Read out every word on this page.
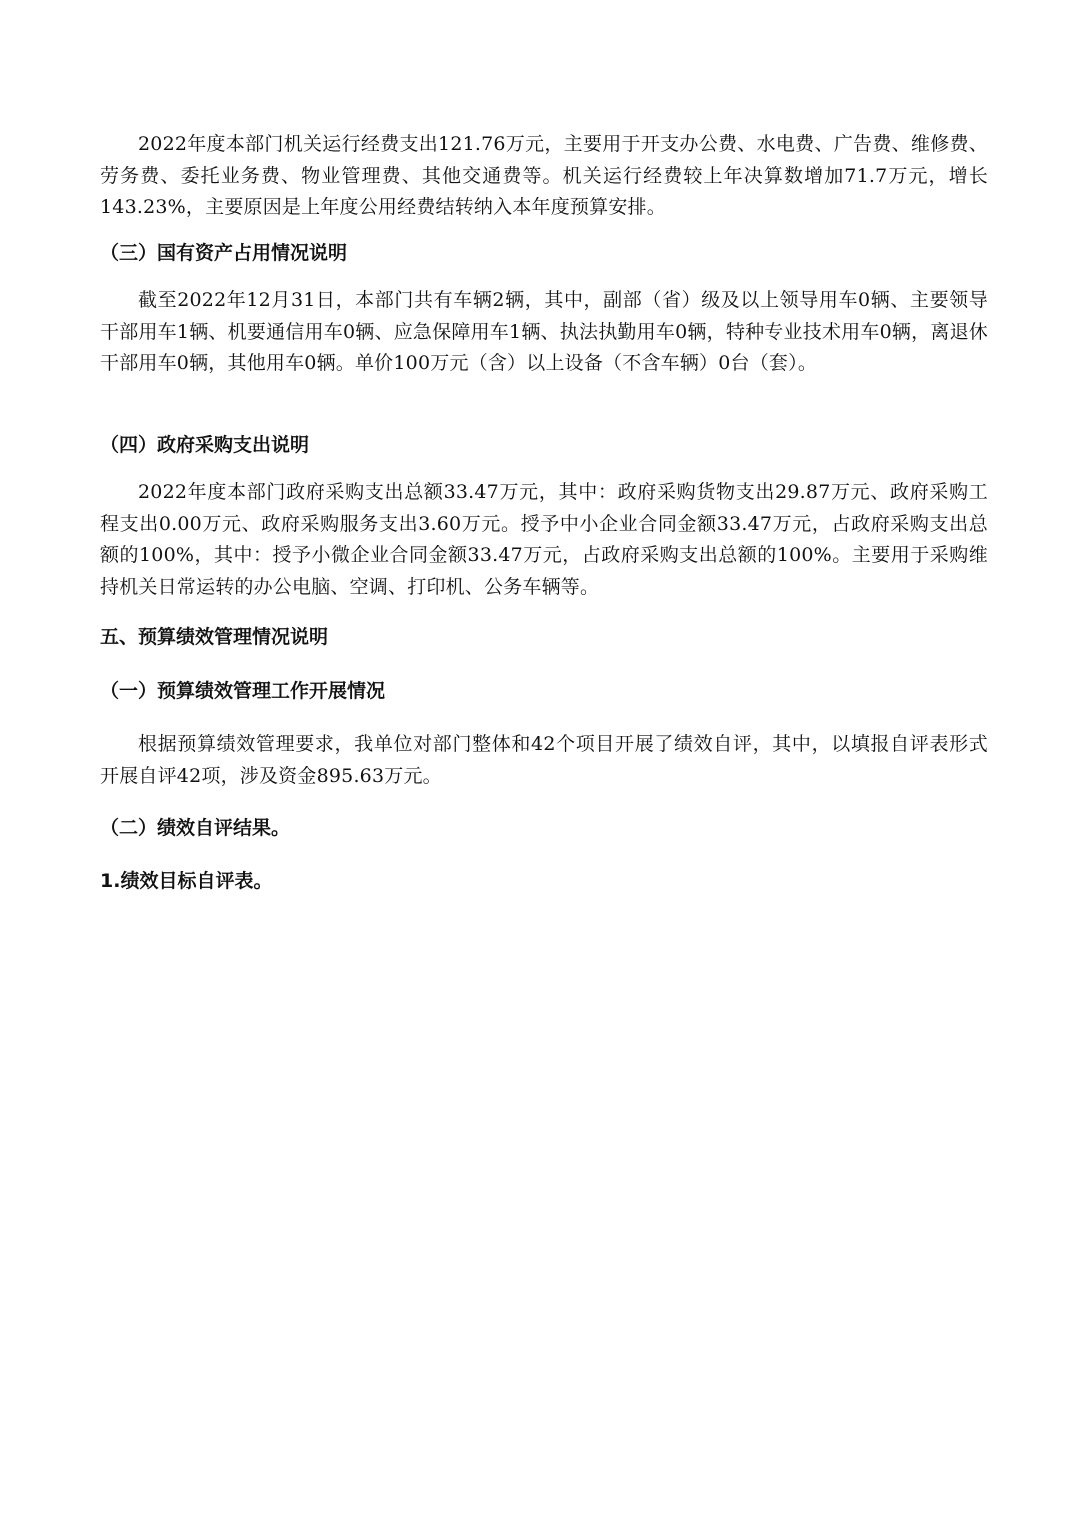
2022年度本部门机关运行经费支出121.76万元，主要用于开支办公费、水电费、广告费、维修费、劳务费、委托业务费、物业管理费、其他交通费等。机关运行经费较上年决算数增加71.7万元，增长143.23%，主要原因是上年度公用经费结转纳入本年度预算安排。

（三）国有资产占用情况说明

截至2022年12月31日，本部门共有车辆2辆，其中，副部（省）级及以上领导用车0辆、主要领导干部用车1辆、机要通信用车0辆、应急保障用车1辆、执法执勤用车0辆，特种专业技术用车0辆，离退休干部用车0辆，其他用车0辆。单价100万元（含）以上设备（不含车辆）0台（套）。

（四）政府采购支出说明

2022年度本部门政府采购支出总额33.47万元，其中：政府采购货物支出29.87万元、政府采购工程支出0.00万元、政府采购服务支出3.60万元。授予中小企业合同金额33.47万元，占政府采购支出总额的100%，其中：授予小微企业合同金额33.47万元，占政府采购支出总额的100%。主要用于采购维持机关日常运转的办公电脑、空调、打印机、公务车辆等。

五、预算绩效管理情况说明
（一）预算绩效管理工作开展情况

根据预算绩效管理要求，我单位对部门整体和42个项目开展了绩效自评，其中，以填报自评表形式开展自评42项，涉及资金895.63万元。

（二）绩效自评结果。
1.绩效目标自评表。
